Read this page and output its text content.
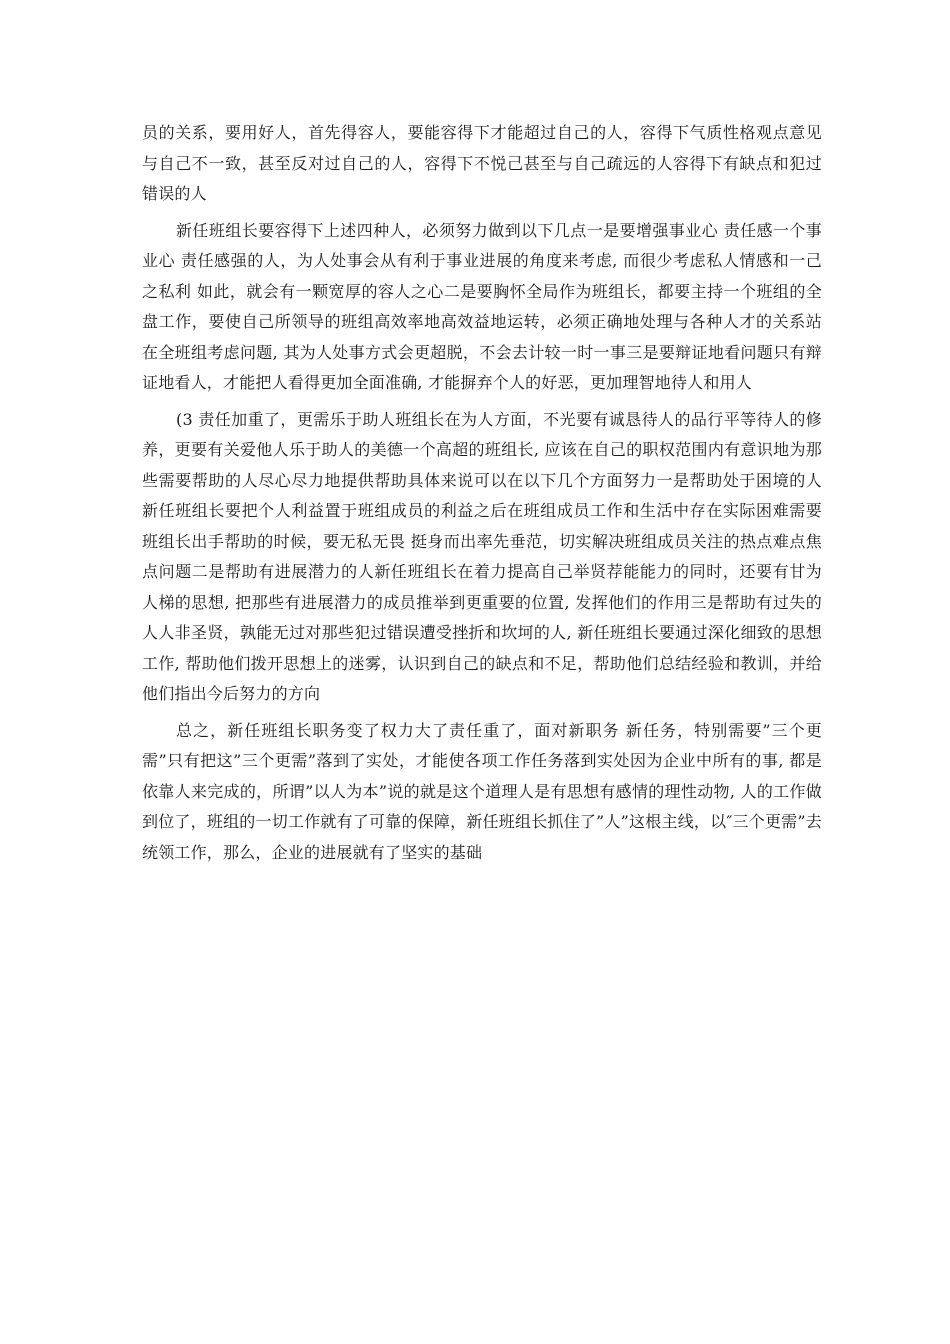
员的关系，要用好人，首先得容人，要能容得下才能超过自己的人，容得下气质性格观点意见与自己不一致，甚至反对过自己的人，容得下不悦己甚至与自己疏远的人容得下有缺点和犯过错误的人

新任班组长要容得下上述四种人，必须努力做到以下几点一是要增强事业心 责任感一个事业心 责任感强的人，为人处事会从有利于事业进展的角度来考虑, 而很少考虑私人情感和一己之私利 如此，就会有一颗宽厚的容人之心二是要胸怀全局作为班组长，都要主持一个班组的全盘工作，要使自己所领导的班组高效率地高效益地运转，必须正确地处理与各种人才的关系站在全班组考虑问题, 其为人处事方式会更超脱，不会去计较一时一事三是要辩证地看问题只有辩证地看人，才能把人看得更加全面准确, 才能摒弃个人的好恶，更加理智地待人和用人

(3 责任加重了，更需乐于助人班组长在为人方面，不光要有诚恳待人的品行平等待人的修养，更要有关爱他人乐于助人的美德一个高超的班组长, 应该在自己的职权范围内有意识地为那些需要帮助的人尽心尽力地提供帮助具体来说可以在以下几个方面努力一是帮助处于困境的人新任班组长要把个人利益置于班组成员的利益之后在班组成员工作和生活中存在实际困难需要班组长出手帮助的时候，要无私无畏 挺身而出率先垂范，切实解决班组成员关注的热点难点焦点问题二是帮助有进展潜力的人新任班组长在着力提高自己举贤荐能能力的同时，还要有甘为人梯的思想, 把那些有进展潜力的成员推举到更重要的位置, 发挥他们的作用三是帮助有过失的人人非圣贤，孰能无过对那些犯过错误遭受挫折和坎坷的人, 新任班组长要通过深化细致的思想工作, 帮助他们拨开思想上的迷雾，认识到自己的缺点和不足，帮助他们总结经验和教训，并给他们指出今后努力的方向

总之，新任班组长职务变了权力大了责任重了，面对新职务 新任务，特别需要”三个更需”只有把这”三个更需”落到了实处，才能使各项工作任务落到实处因为企业中所有的事, 都是依靠人来完成的，所谓”以人为本”说的就是这个道理人是有思想有感情的理性动物, 人的工作做到位了，班组的一切工作就有了可靠的保障，新任班组长抓住了”人”这根主线，以″三个更需”去统领工作，那么，企业的进展就有了坚实的基础
